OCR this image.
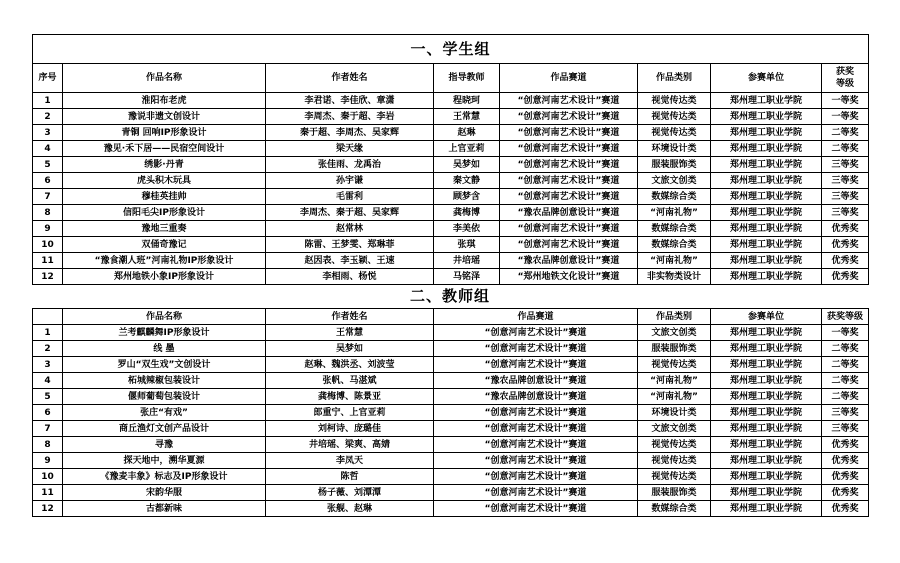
一、学生组							
序号	作品名称	作者姓名	指导教师	作品赛道	作品类别	参赛单位	获奖
等级
1	淮阳布老虎	李君诺、李佳欣、章潇	程晓珂	“创意河南艺术设计”赛道	视觉传达类	郑州理工职业学院	一等奖
2	豫说非遗文创设计	李周杰、秦于超、李岩	王常慧	“创意河南艺术设计”赛道	视觉传达类	郑州理工职业学院	一等奖
3	青铜 回响IP形象设计	秦于超、李周杰、吴家辉	赵琳	“创意河南艺术设计”赛道	视觉传达类	郑州理工职业学院	二等奖
4	豫见·禾下居——民宿空间设计	梁天缘	上官亚莉	“创意河南艺术设计”赛道	环境设计类	郑州理工职业学院	二等奖
5	绣影·丹青	张佳雨、龙禹治	吴梦如	“创意河南艺术设计”赛道	服装服饰类	郑州理工职业学院	三等奖
6	虎头积木玩具	孙宇谦	秦文静	“创意河南艺术设计”赛道	文旅文创类	郑州理工职业学院	三等奖
7	穆桂英挂帅	毛雷利	顾梦含	“创意河南艺术设计”赛道	数媒综合类	郑州理工职业学院	三等奖
8	信阳毛尖IP形象设计	李周杰、秦于超、吴家辉	龚梅博	“豫农品牌创意设计”赛道	“河南礼物”	郑州理工职业学院	三等奖
9	豫地三重奏	赵常林	李美依	“创意河南艺术设计”赛道	数媒综合类	郑州理工职业学院	优秀奖
10	双俑奇豫记	陈雷、王梦雯、郑琳菲	张琪	“创意河南艺术设计”赛道	数媒综合类	郑州理工职业学院	优秀奖
11	“豫食潮人班”河南礼物IP形象设计	赵因表、李玉颖、王速	井培瑶	“豫农品牌创意设计”赛道	“河南礼物”	郑州理工职业学院	优秀奖
12	郑州地铁小象IP形象设计	李相雨、杨悦	马铭泽	“郑州地铁文化设计”赛道	非实物类设计	郑州理工职业学院	优秀奖
二、教师组
	作品名称	作者姓名	作品赛道	作品类别	参赛单位	获奖等级
1	兰考麒麟舞IP形象设计	王常慧	“创意河南艺术设计”赛道	文旅文创类	郑州理工职业学院	一等奖
2	线 墨	吴梦如	“创意河南艺术设计”赛道	服装服饰类	郑州理工职业学院	二等奖
3	罗山“双生戏”文创设计	赵琳、魏洪丞、刘波莹	“创意河南艺术设计”赛道	视觉传达类	郑州理工职业学院	二等奖
4	柘城辣椒包装设计	张帆、马湛斌	“豫农品牌创意设计”赛道	“河南礼物”	郑州理工职业学院	二等奖
5	偃师葡萄包装设计	龚梅博、陈景亚	“豫农品牌创意设计”赛道	“河南礼物”	郑州理工职业学院	二等奖
6	张庄“有戏”	郎重宁、上官亚莉	“创意河南艺术设计”赛道	环境设计类	郑州理工职业学院	三等奖
7	商丘渔灯文创产品设计	刘柯诗、庞璐佳	“创意河南艺术设计”赛道	文旅文创类	郑州理工职业学院	三等奖
8	寻豫	井培瑶、梁爽、高婧	“创意河南艺术设计”赛道	视觉传达类	郑州理工职业学院	优秀奖
9	探天地中，溯华夏源	李凤天	“创意河南艺术设计”赛道	视觉传达类	郑州理工职业学院	优秀奖
10	《豫麦丰象》标志及IP形象设计	陈哲	“创意河南艺术设计”赛道	视觉传达类	郑州理工职业学院	优秀奖
11	宋韵华服	杨子薇、刘潭潭	“创意河南艺术设计”赛道	服装服饰类	郑州理工职业学院	优秀奖
12	古都新味	张舰、赵琳	“创意河南艺术设计”赛道	数媒综合类	郑州理工职业学院	优秀奖
